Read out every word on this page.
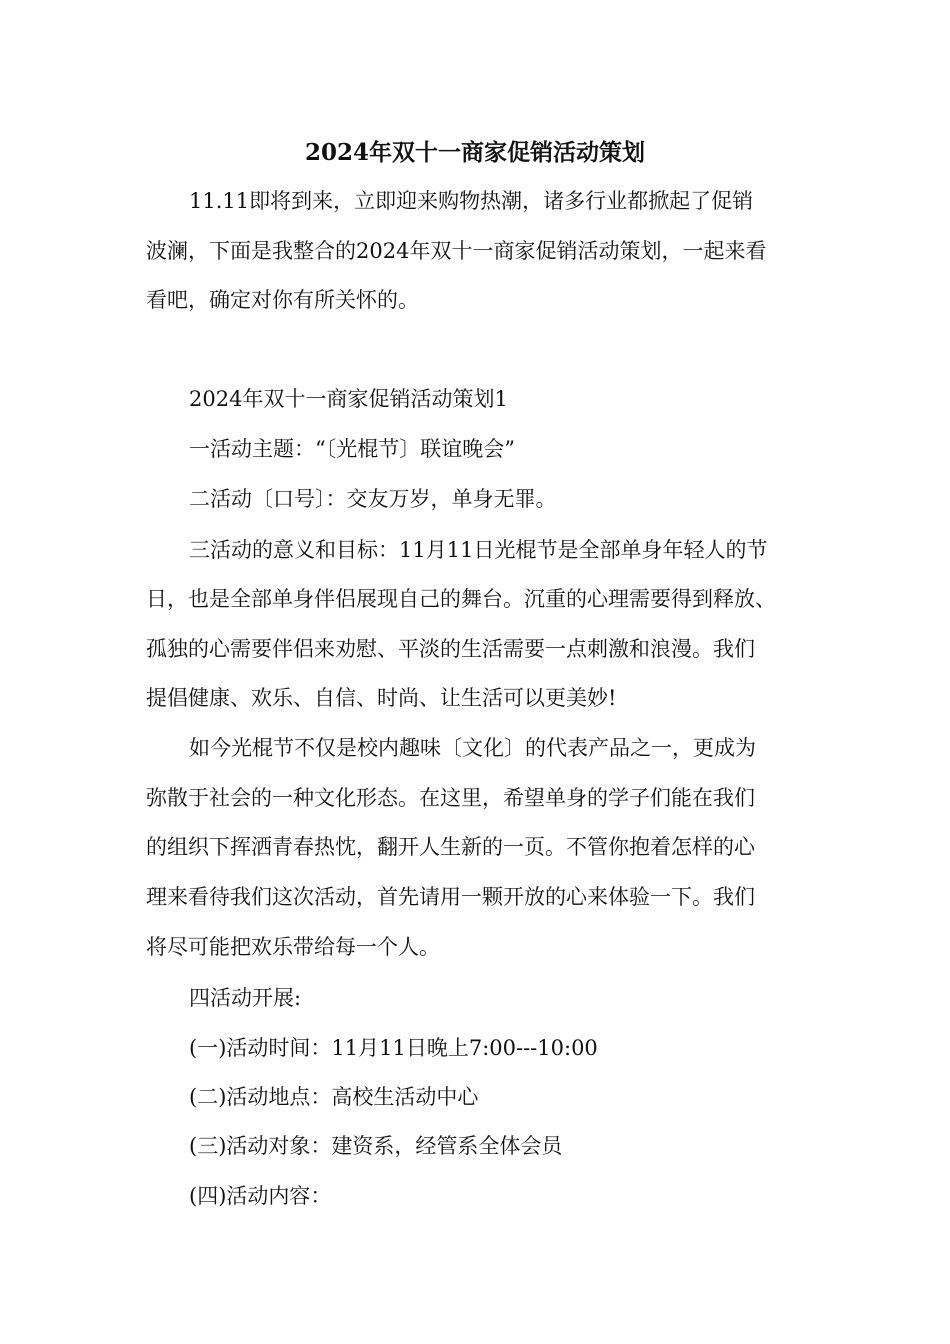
2024年双十一商家促销活动策划
11.11即将到来，立即迎来购物热潮，诸多行业都掀起了促销
波澜，下面是我整合的2024年双十一商家促销活动策划，一起来看
看吧，确定对你有所关怀的。
2024年双十一商家促销活动策划1
一活动主题：“〔光棍节〕联谊晚会”
二活动〔口号〕：交友万岁，单身无罪。
三活动的意义和目标：11月11日光棍节是全部单身年轻人的节
日，也是全部单身伴侣展现自己的舞台。沉重的心理需要得到释放、
孤独的心需要伴侣来劝慰、平淡的生活需要一点刺激和浪漫。我们
提倡健康、欢乐、自信、时尚、让生活可以更美妙!
如今光棍节不仅是校内趣味〔文化〕的代表产品之一，更成为
弥散于社会的一种文化形态。在这里，希望单身的学子们能在我们
的组织下挥洒青春热忱，翻开人生新的一页。不管你抱着怎样的心
理来看待我们这次活动，首先请用一颗开放的心来体验一下。我们
将尽可能把欢乐带给每一个人。
四活动开展:
(一)活动时间：11月11日晚上7:00---10:00
(二)活动地点：高校生活动中心
(三)活动对象：建资系，经管系全体会员
(四)活动内容：
